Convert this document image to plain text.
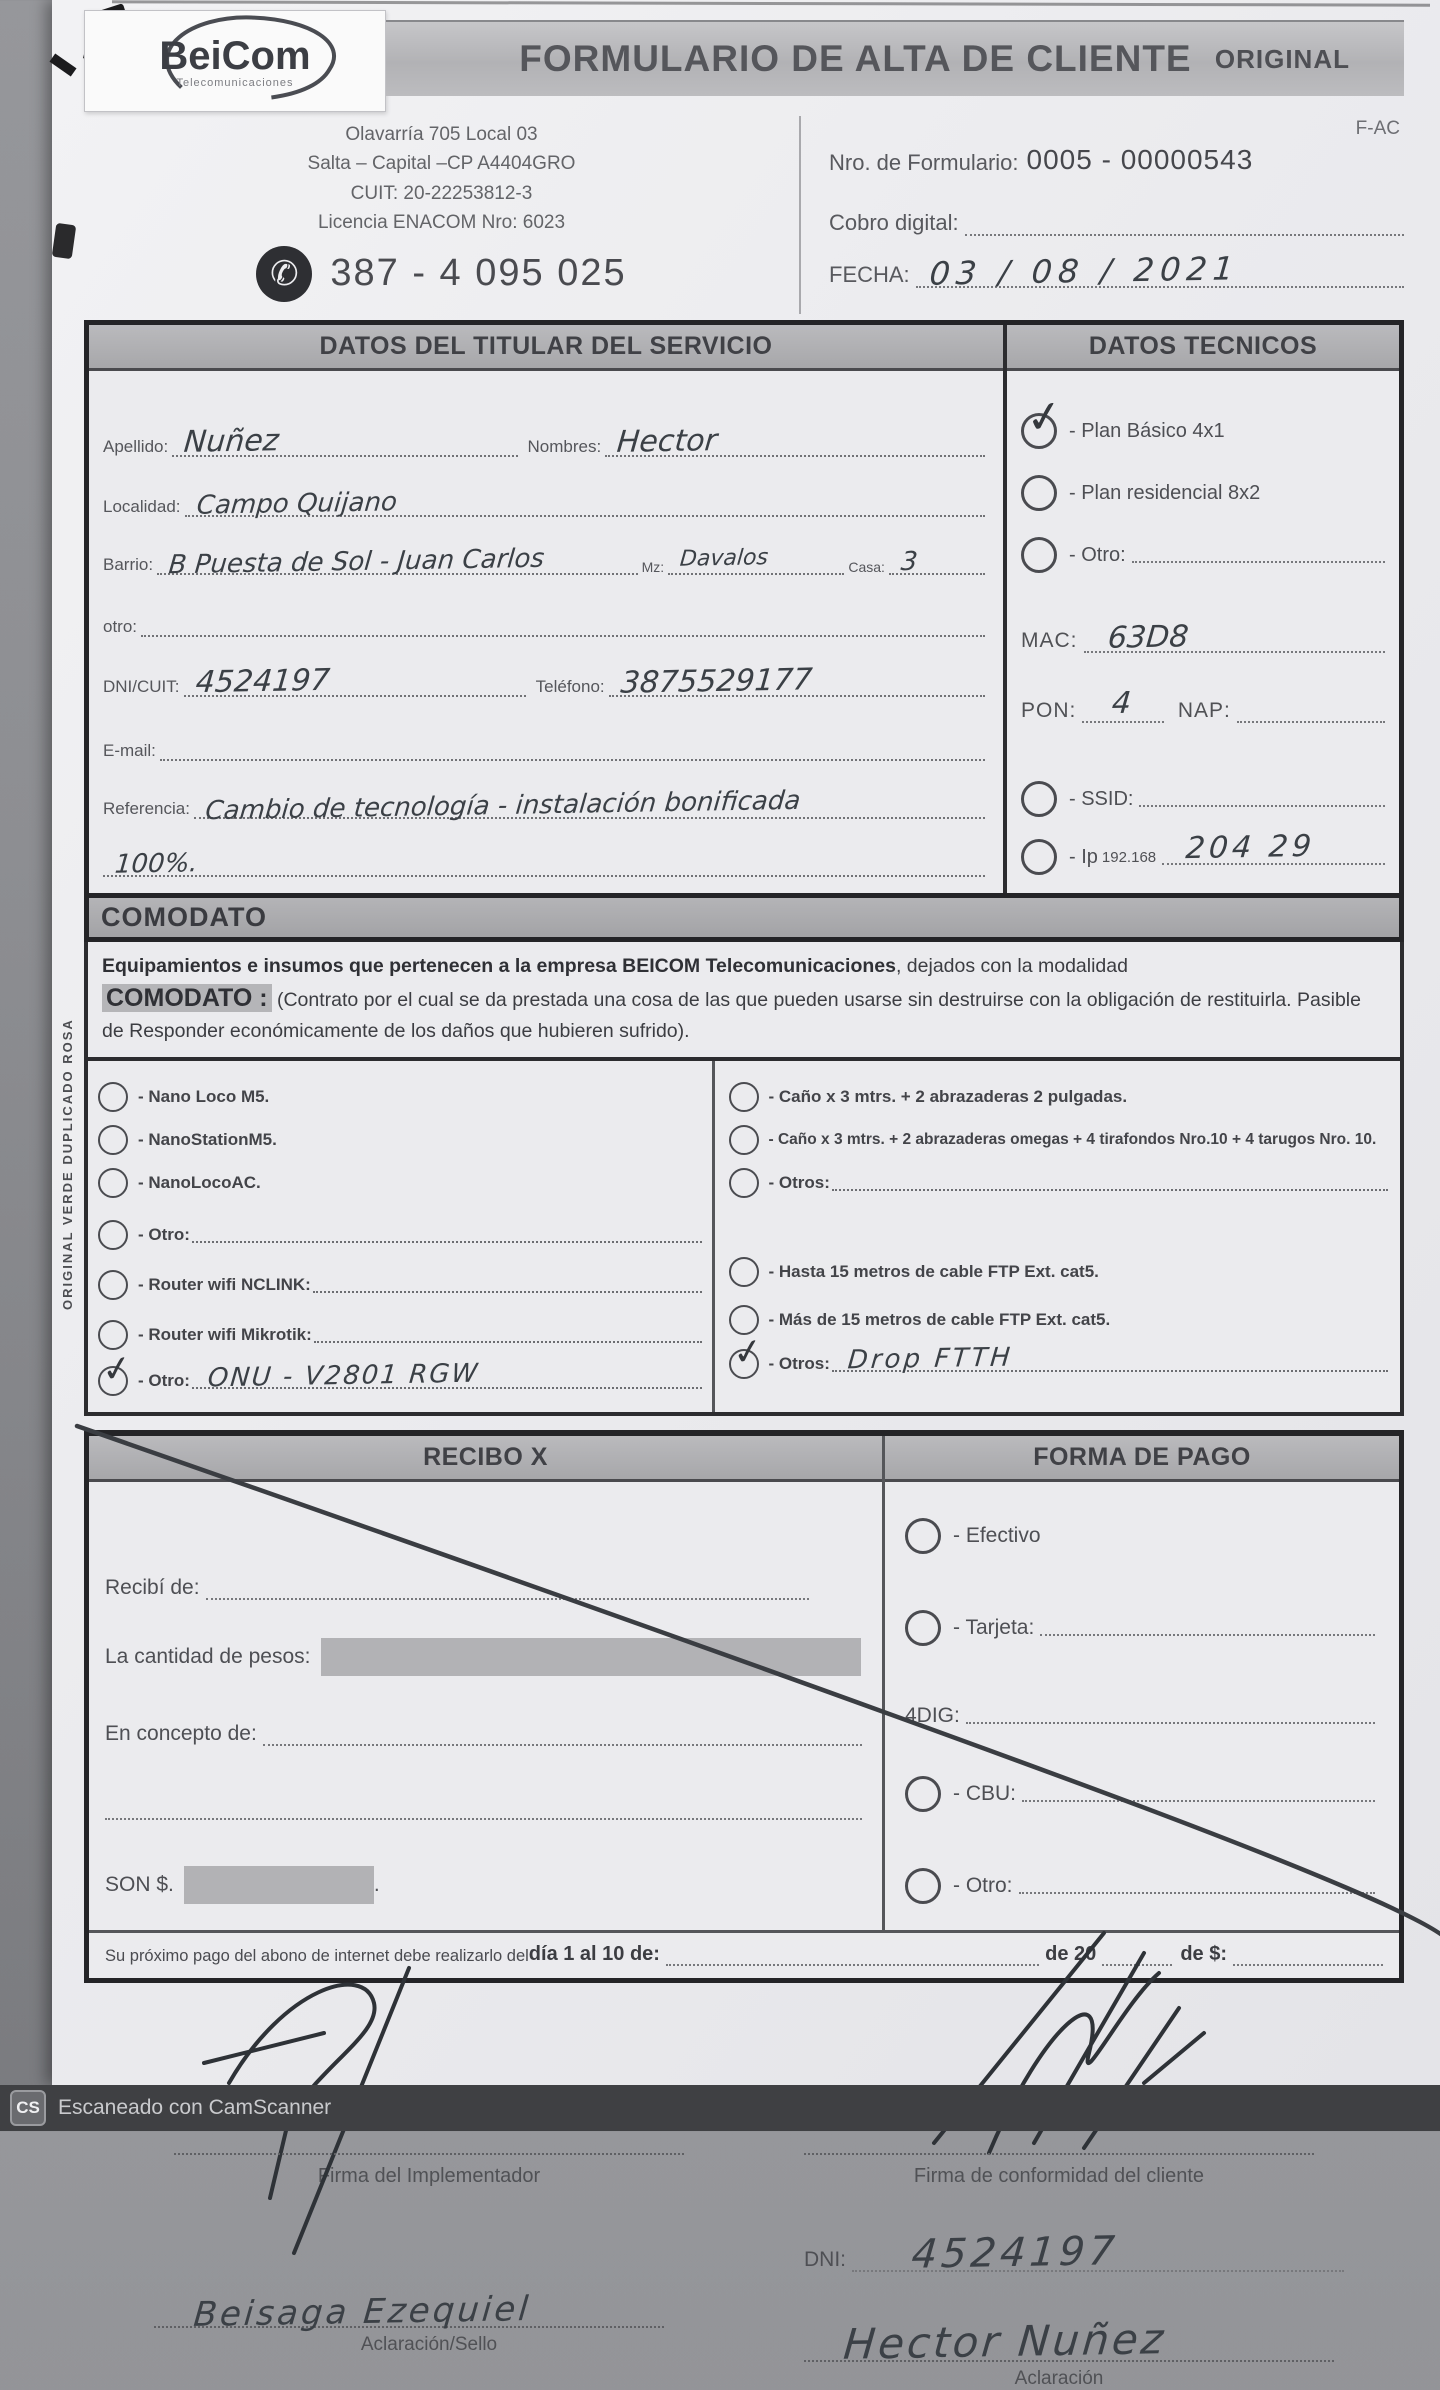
ORIGINAL VERDE DUPLICADO ROSA
BeiCom
Telecomunicaciones
FORMULARIO DE ALTA DE CLIENTE ORIGINAL
Olavarría 705 Local 03
Salta – Capital –CP A4404GRO
CUIT: 20-22253812-3
Licencia ENACOM Nro: 6023
✆ 387 - 4 095 025
F-AC
Nro. de Formulario: 0005 - 00000543
Cobro digital:
FECHA: 03 / 08 / 2021
DATOS DEL TITULAR DEL SERVICIO
Apellido: Nuñez	Nombres: Hector
Localidad: Campo Quijano
Barrio: B Puesta de Sol - Juan Carlos	Mz: Davalos	Casa: 3
otro:
DNI/CUIT: 4524197	Teléfono: 3875529177
E-mail:
Referencia: Cambio de tecnología - instalación bonificada
100%.
DATOS TECNICOS
✓ - Plan Básico 4x1
- Plan residencial 8x2
- Otro:
MAC: 63D8
PON: 4 NAP:
- SSID:
- Ip 192.168 204 29
COMODATO
Equipamientos e insumos que pertenecen a la empresa BEICOM Telecomunicaciones, dejados con la modalidad
COMODATO : (Contrato por el cual se da prestada una cosa de las que pueden usarse sin destruirse con la obligación de restituirla. Pasible de Responder económicamente de los daños que hubieren sufrido).
- Nano Loco M5.
- NanoStationM5.
- NanoLocoAC.
- Otro:
- Router wifi NCLINK:
- Router wifi Mikrotik:
✓ - Otro: ONU - V2801 RGW
- Caño x 3 mtrs. + 2 abrazaderas 2 pulgadas.
- Caño x 3 mtrs. + 2 abrazaderas omegas + 4 tirafondos Nro.10 + 4 tarugos Nro. 10.
- Otros:
- Hasta 15 metros de cable FTP Ext. cat5.
- Más de 15 metros de cable FTP Ext. cat5.
✓ - Otros: Drop FTTH
RECIBO X
Recibí de:
La cantidad de pesos:
En concepto de:
SON $.	.
FORMA DE PAGO
- Efectivo
- Tarjeta:
4DIG:
- CBU:
- Otro:
Su próximo pago del abono de internet debe realizarlo del día 1 al 10 de:	de 20	de $:
Firma del Implementador
Beisaga Ezequiel
Aclaración/Sello
Firma de conformidad del cliente
DNI: 4524197
Hector Nuñez
Aclaración
CS Escaneado con CamScanner
